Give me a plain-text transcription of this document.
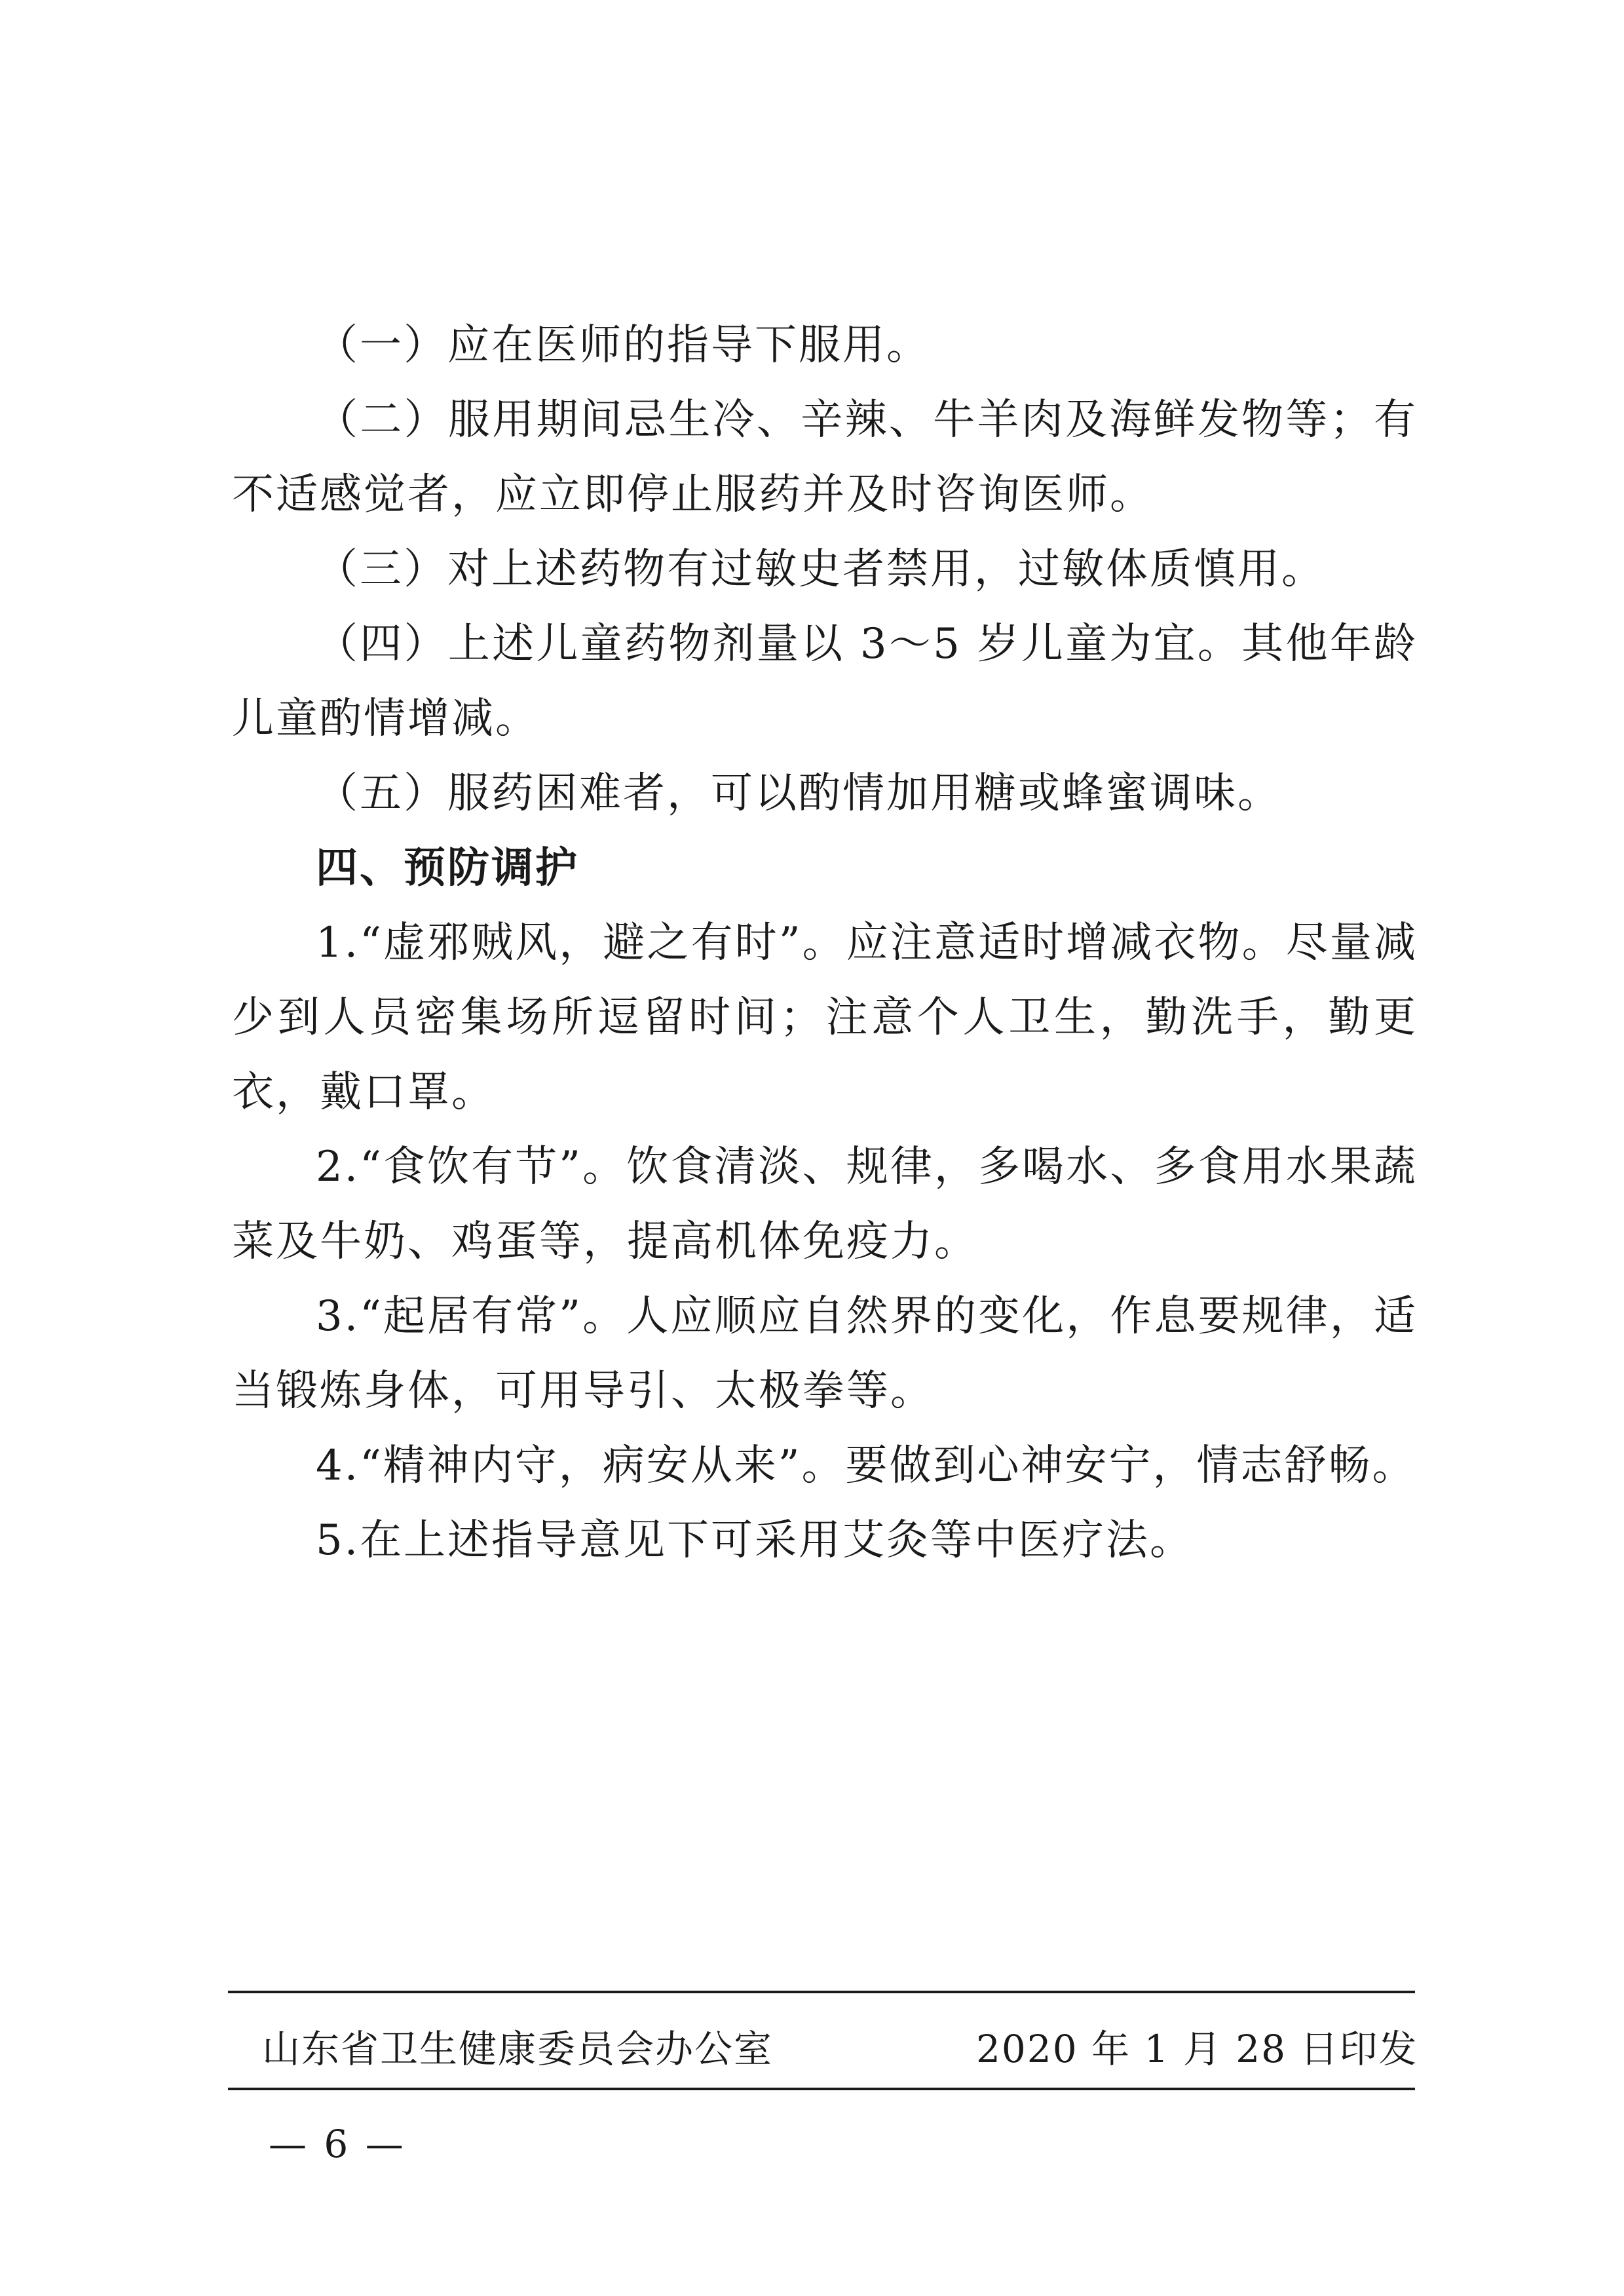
（一）应在医师的指导下服用。

（二）服用期间忌生冷、辛辣、牛羊肉及海鲜发物等；有不适感觉者，应立即停止服药并及时咨询医师。

（三）对上述药物有过敏史者禁用，过敏体质慎用。

（四）上述儿童药物剂量以 3～5 岁儿童为宜。其他年龄儿童酌情增减。

（五）服药困难者，可以酌情加用糖或蜂蜜调味。

四、预防调护

1.“虚邪贼风，避之有时”。应注意适时增减衣物。尽量减少到人员密集场所逗留时间；注意个人卫生，勤洗手，勤更衣，戴口罩。

2.“食饮有节”。饮食清淡、规律，多喝水、多食用水果蔬菜及牛奶、鸡蛋等，提高机体免疫力。

3.“起居有常”。人应顺应自然界的变化，作息要规律，适当锻炼身体，可用导引、太极拳等。

4.“精神内守，病安从来”。要做到心神安宁，情志舒畅。

5.在上述指导意见下可采用艾灸等中医疗法。

山东省卫生健康委员会办公室	2020 年 1 月 28 日印发
— 6 —
